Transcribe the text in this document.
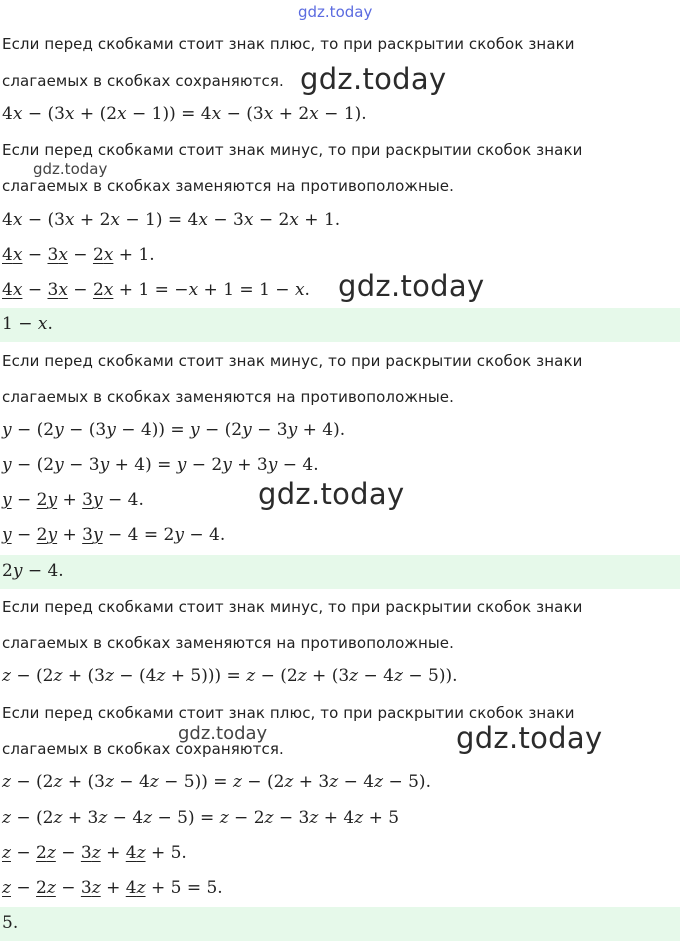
gdz.today
Если перед скобками стоит знак плюс, то при раскрытии скобок знаки
слагаемых в скобках сохраняются. gdz.today
4x − (3x + (2x − 1)) = 4x − (3x + 2x − 1).
Если перед скобками стоит знак минус, то при раскрытии скобок знаки
gdz.today
слагаемых в скобках заменяются на противоположные.
4x − (3x + 2x − 1) = 4x − 3x − 2x + 1.
4x − 3x − 2x + 1.
4x − 3x − 2x + 1 = −x + 1 = 1 − x. gdz.today
1 − x.
Если перед скобками стоит знак минус, то при раскрытии скобок знаки
слагаемых в скобках заменяются на противоположные.
y − (2y − (3y − 4)) = y − (2y − 3y + 4).
y − (2y − 3y + 4) = y − 2y + 3y − 4.
y − 2y + 3y − 4.	gdz.today
y − 2y + 3y − 4 = 2y − 4.
2y − 4.
Если перед скобками стоит знак минус, то при раскрытии скобок знаки
слагаемых в скобках заменяются на противоположные.
z − (2z + (3z − (4z + 5))) = z − (2z + (3z − 4z − 5)).
Если перед скобками стоит знак плюс, то при раскрытии скобок знаки
gdz.today
слагаемых в скобках сохраняются.	gdz.today
z − (2z + (3z − 4z − 5)) = z − (2z + 3z − 4z − 5).
z − (2z + 3z − 4z − 5) = z − 2z − 3z + 4z + 5
z − 2z − 3z + 4z + 5.
z − 2z − 3z + 4z + 5 = 5.
5.
